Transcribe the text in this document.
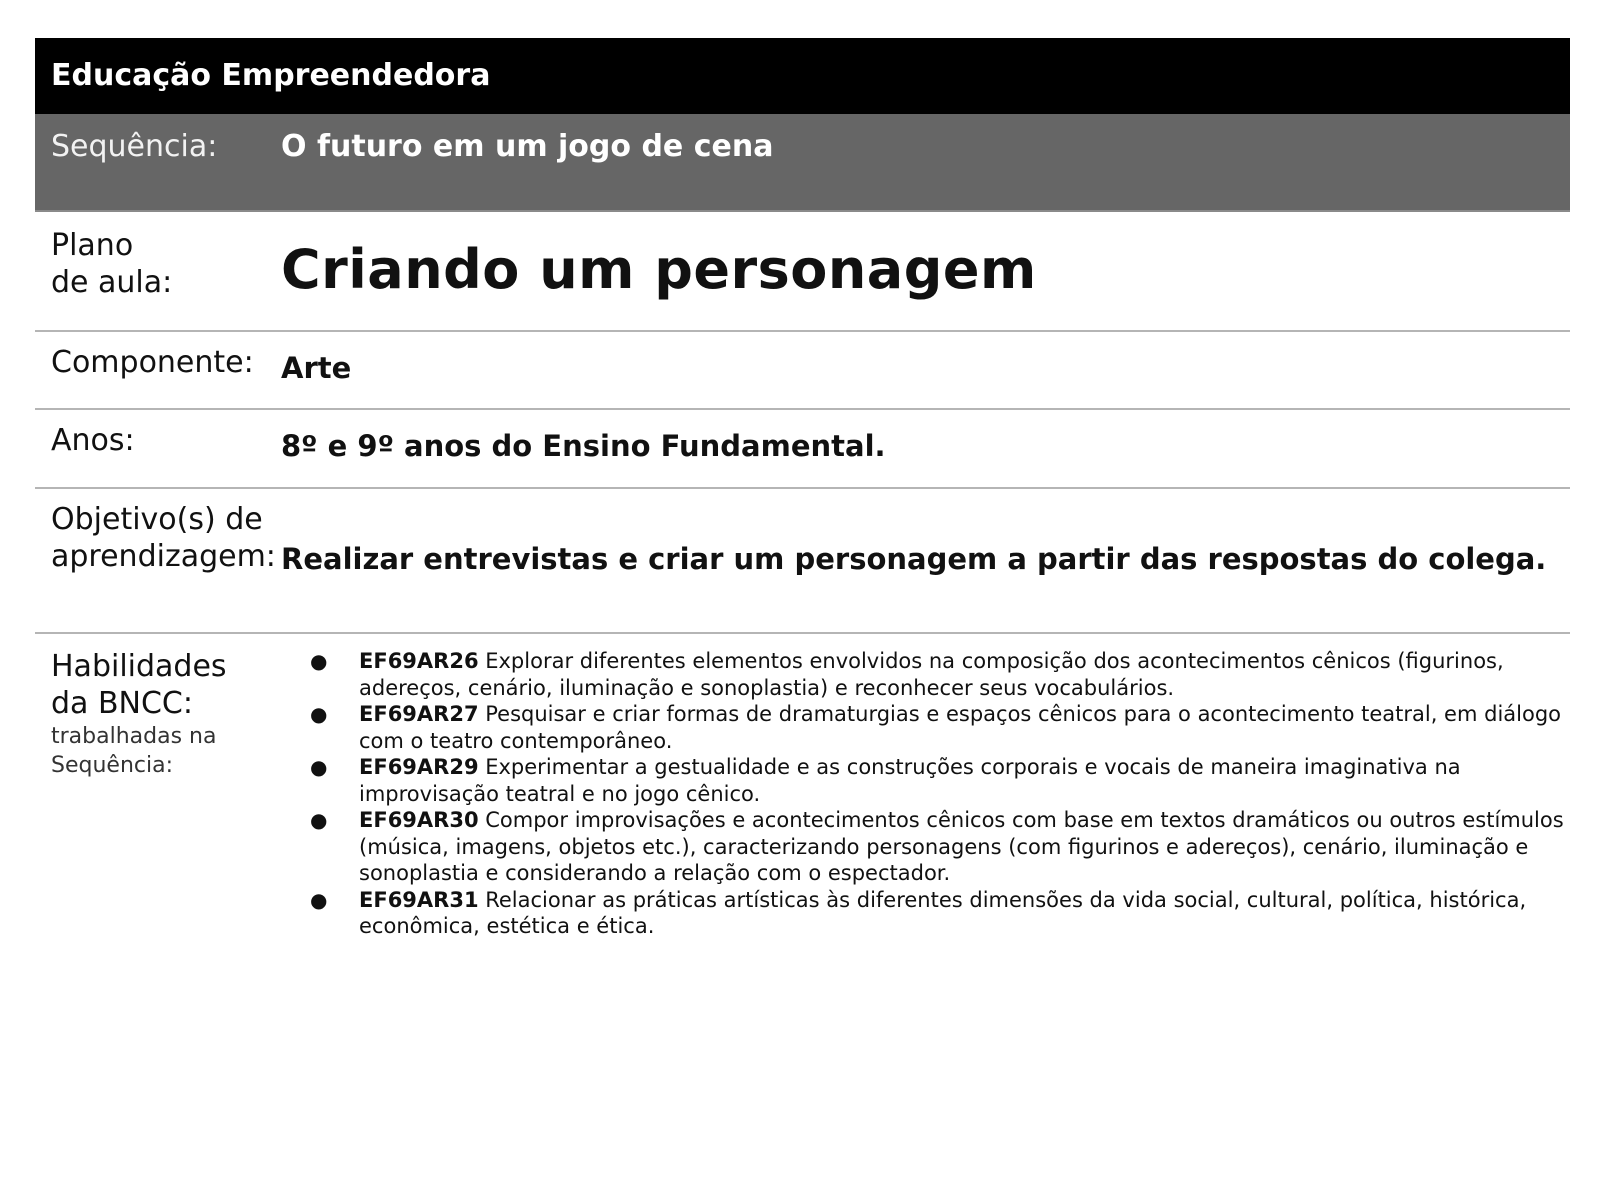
Educação Empreendedora
Sequência:	O futuro em um jogo de cena
Plano
de aula:	Criando um personagem
Componente: Arte
Anos:	8º e 9º anos do Ensino Fundamental.
Objetivo(s) de
aprendizagem: Realizar entrevistas e criar um personagem a partir das respostas do colega.
Habilidades
da BNCC:
trabalhadas na
Sequência:
● EF69AR26 Explorar diferentes elementos envolvidos na composição dos acontecimentos cênicos (figurinos, adereços, cenário, iluminação e sonoplastia) e reconhecer seus vocabulários.
● EF69AR27 Pesquisar e criar formas de dramaturgias e espaços cênicos para o acontecimento teatral, em diálogo com o teatro contemporâneo.
● EF69AR29 Experimentar a gestualidade e as construções corporais e vocais de maneira imaginativa na improvisação teatral e no jogo cênico.
● EF69AR30 Compor improvisações e acontecimentos cênicos com base em textos dramáticos ou outros estímulos (música, imagens, objetos etc.), caracterizando personagens (com figurinos e adereços), cenário, iluminação e sonoplastia e considerando a relação com o espectador.
● EF69AR31 Relacionar as práticas artísticas às diferentes dimensões da vida social, cultural, política, histórica, econômica, estética e ética.
